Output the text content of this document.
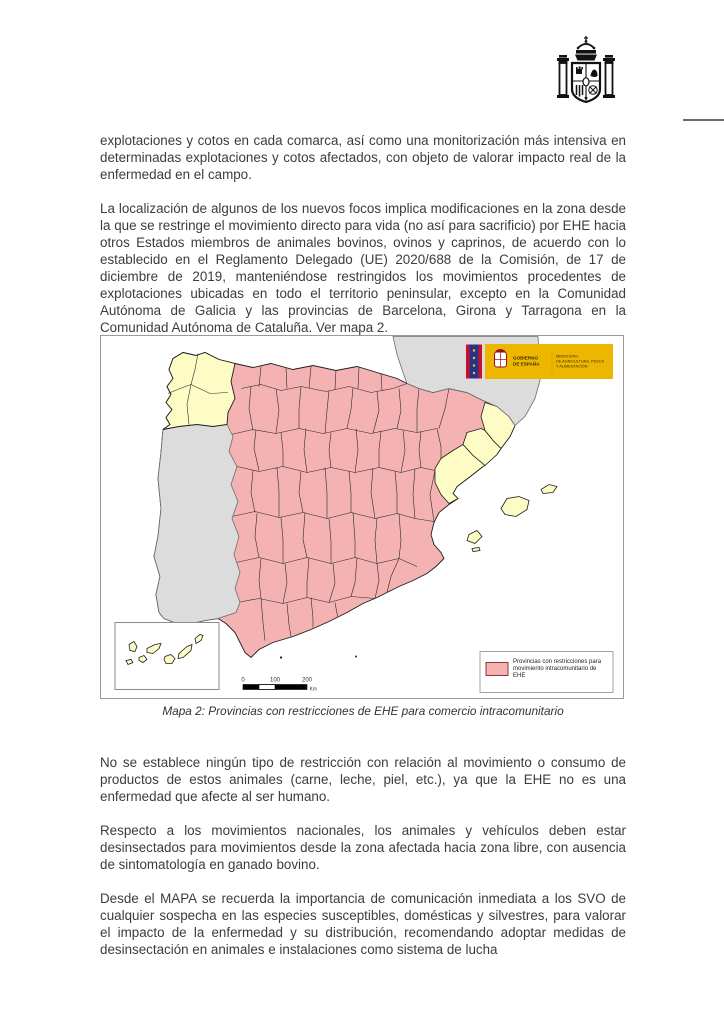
explotaciones y cotos en cada comarca, así como una monitorización más intensiva en determinadas explotaciones y cotos afectados, con objeto de valorar impacto real de la enfermedad en el campo.

La localización de algunos de los nuevos focos implica modificaciones en la zona desde la que se restringe el movimiento directo para vida (no así para sacrificio) por EHE hacia otros Estados miembros de animales bovinos, ovinos y caprinos, de acuerdo con lo establecido en el Reglamento Delegado (UE) 2020/688 de la Comisión, de 17 de diciembre de 2019, manteniéndose restringidos los movimientos procedentes de explotaciones ubicadas en todo el territorio peninsular, excepto en la Comunidad Autónoma de Galicia y las provincias de Barcelona, Girona y Tarragona en la Comunidad Autónoma de Cataluña. Ver mapa 2.

0	100	200
Km
Provincias con restricciones para
movimiento intracomunitario de
EHE
GOBIERNO
DE ESPAÑA
MINISTERIO
DE AGRICULTURA, PESCA
Y ALIMENTACIÓN
Mapa 2: Provincias con restricciones de EHE para comercio intracomunitario

No se establece ningún tipo de restricción con relación al movimiento o consumo de productos de estos animales (carne, leche, piel, etc.), ya que la EHE no es una enfermedad que afecte al ser humano.

Respecto a los movimientos nacionales, los animales y vehículos deben estar desinsectados para movimientos desde la zona afectada hacia zona libre, con ausencia de sintomatología en ganado bovino.

Desde el MAPA se recuerda la importancia de comunicación inmediata a los SVO de cualquier sospecha en las especies susceptibles, domésticas y silvestres, para valorar el impacto de la enfermedad y su distribución, recomendando adoptar medidas de desinsectación en animales e instalaciones como sistema de lucha
